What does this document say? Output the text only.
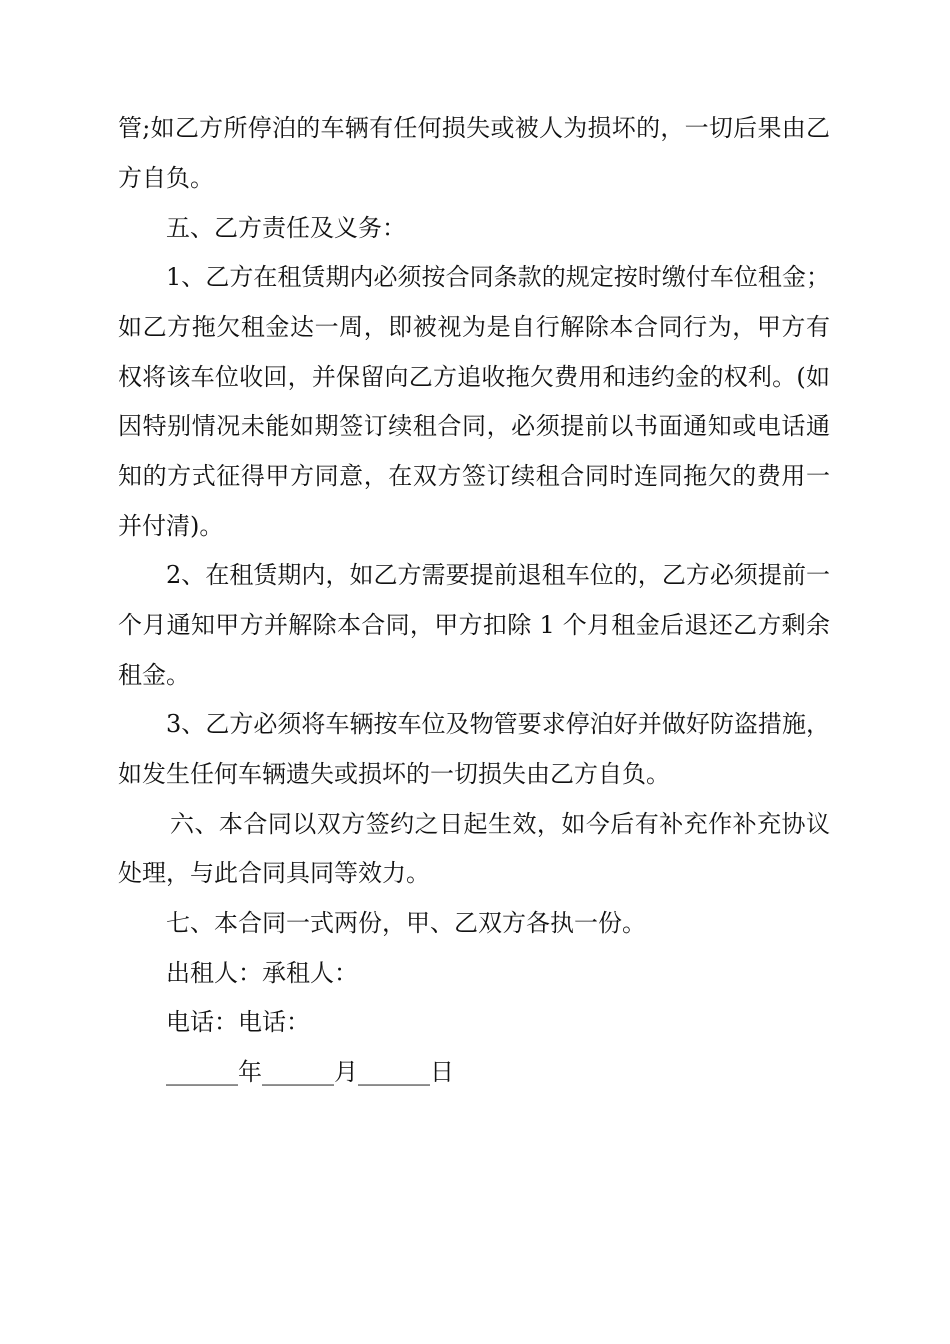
管;如乙方所停泊的车辆有任何损失或被人为损坏的，一切后果由乙
方自负。
五、乙方责任及义务：
1、乙方在租赁期内必须按合同条款的规定按时缴付车位租金；
如乙方拖欠租金达一周，即被视为是自行解除本合同行为，甲方有
权将该车位收回，并保留向乙方追收拖欠费用和违约金的权利。(如
因特别情况未能如期签订续租合同，必须提前以书面通知或电话通
知的方式征得甲方同意，在双方签订续租合同时连同拖欠的费用一
并付清)。
2、在租赁期内，如乙方需要提前退租车位的，乙方必须提前一
个月通知甲方并解除本合同，甲方扣除 1 个月租金后退还乙方剩余
租金。
3、乙方必须将车辆按车位及物管要求停泊好并做好防盗措施，
如发生任何车辆遗失或损坏的一切损失由乙方自负。
六、本合同以双方签约之日起生效，如今后有补充作补充协议
处理，与此合同具同等效力。
七、本合同一式两份，甲、乙双方各执一份。
出租人：承租人：
电话：电话：
______年______月______日
